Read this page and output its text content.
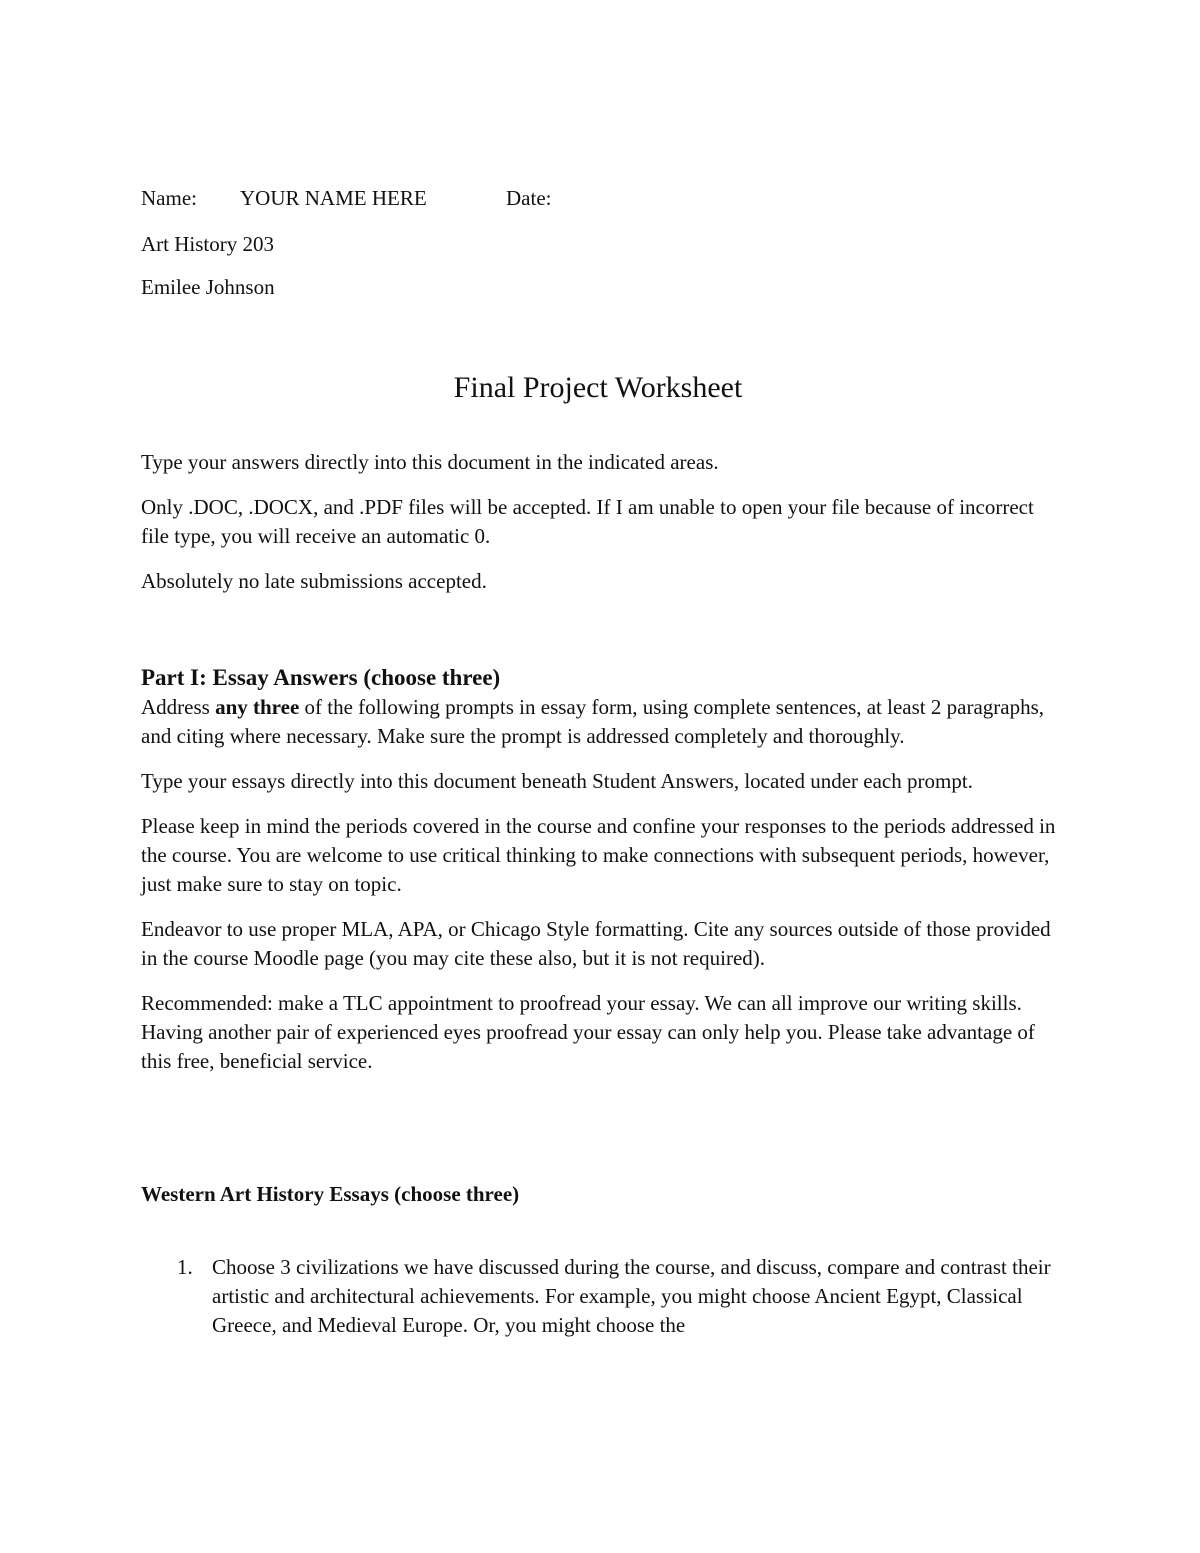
Name: YOUR NAME HERE	Date:
Art History 203
Emilee Johnson
Final Project Worksheet

Type your answers directly into this document in the indicated areas.

Only .DOC, .DOCX, and .PDF files will be accepted. If I am unable to open your file because of incorrect file type, you will receive an automatic 0.

Absolutely no late submissions accepted.

Part I: Essay Answers (choose three)

Address any three of the following prompts in essay form, using complete sentences, at least 2 paragraphs, and citing where necessary. Make sure the prompt is addressed completely and thoroughly.

Type your essays directly into this document beneath Student Answers, located under each prompt.

Please keep in mind the periods covered in the course and confine your responses to the periods addressed in the course. You are welcome to use critical thinking to make connections with subsequent periods, however, just make sure to stay on topic.

Endeavor to use proper MLA, APA, or Chicago Style formatting. Cite any sources outside of those provided in the course Moodle page (you may cite these also, but it is not required).

Recommended: make a TLC appointment to proofread your essay. We can all improve our writing skills. Having another pair of experienced eyes proofread your essay can only help you. Please take advantage of this free, beneficial service.

Western Art History Essays (choose three)
1. Choose 3 civilizations we have discussed during the course, and discuss, compare and contrast their artistic and architectural achievements. For example, you might choose Ancient Egypt, Classical Greece, and Medieval Europe. Or, you might choose the
